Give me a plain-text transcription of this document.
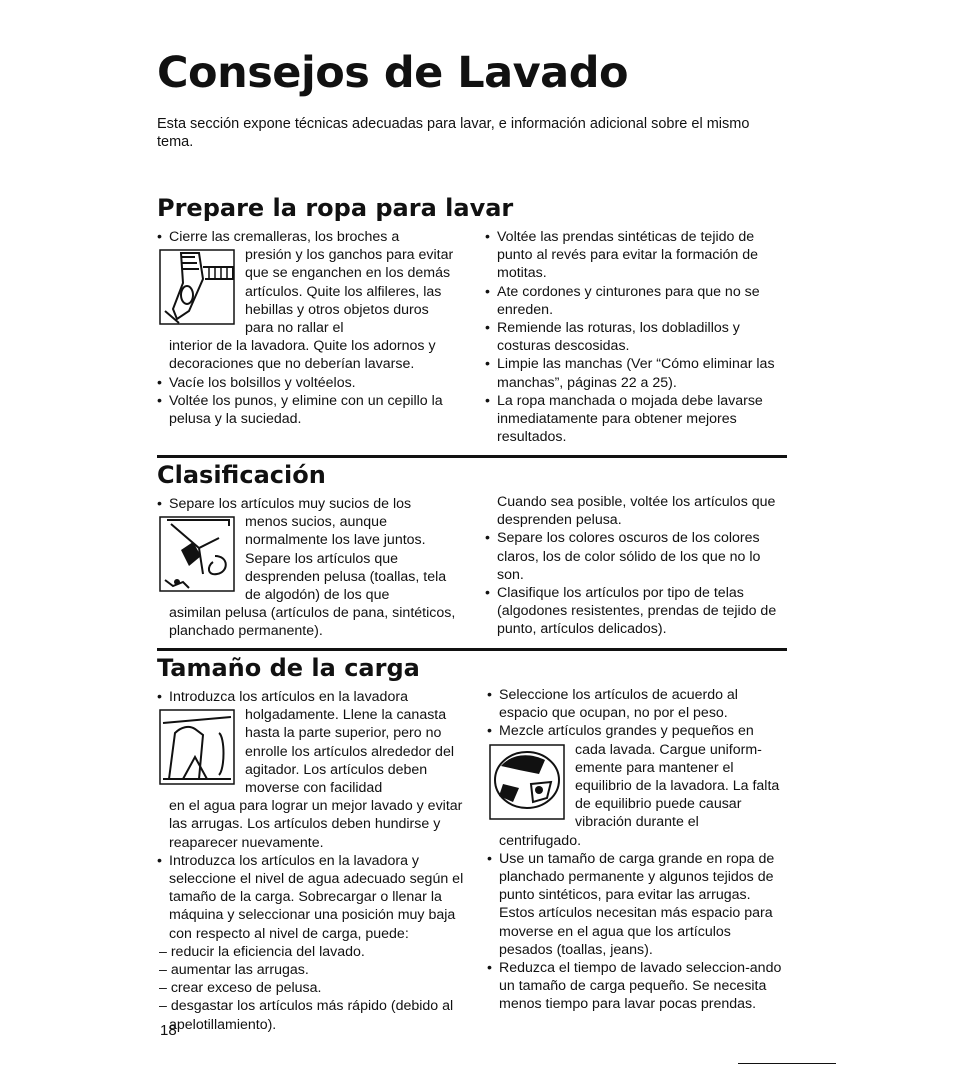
Consejos de Lavado
Esta sección expone técnicas adecuadas para lavar, e información adicional sobre el mismo tema.
Prepare la ropa para lavar

• Cierre las cremalleras, los broches a

presión y los ganchos para evitar que se enganchen en los demás artículos. Quite los alfileres, las hebillas y otros objetos duros para no rallar el

interior de la lavadora. Quite los adornos y decoraciones que no deberían lavarse.

• Vacíe los bolsillos y voltéelos.

• Voltée los punos, y elimine con un cepillo la pelusa y la suciedad.

• Voltée las prendas sintéticas de tejido de punto al revés para evitar la formación de motitas.

• Ate cordones y cinturones para que no se enreden.

• Remiende las roturas, los dobladillos y costuras descosidas.

• Limpie las manchas (Ver “Cómo eliminar las manchas”, páginas 22 a 25).

• La ropa manchada o mojada debe lavarse inmediatamente para obtener mejores resultados.

Clasificación

• Separe los artículos muy sucios de los

menos sucios, aunque normalmente los lave juntos. Separe los artículos que desprenden pelusa (toallas, tela de algodón) de los que

asimilan pelusa (artículos de pana, sintéticos, planchado permanente).

Cuando sea posible, voltée los artículos que desprenden pelusa.

• Separe los colores oscuros de los colores claros, los de color sólido de los que no lo son.

• Clasifique los artículos por tipo de telas (algodones resistentes, prendas de tejido de punto, artículos delicados).

Tamaño de la carga

• Introduzca los artículos en la lavadora

holgadamente. Llene la canasta hasta la parte superior, pero no enrolle los artículos alrededor del agitador. Los artículos deben moverse con facilidad

en el agua para lograr un mejor lavado y evitar las arrugas. Los artículos deben hundirse y reaparecer nuevamente.

• Introduzca los artículos en la lavadora y seleccione el nivel de agua adecuado según el tamaño de la carga. Sobrecargar o llenar la máquina y seleccionar una posición muy baja con respecto al nivel de carga, puede:

– reducir la eficiencia del lavado.

– aumentar las arrugas.

– crear exceso de pelusa.

– desgastar los artículos más rápido (debido al apelotillamiento).

• Seleccione los artículos de acuerdo al espacio que ocupan, no por el peso.

• Mezcle artículos grandes y pequeños en

cada lavada. Cargue uniform-emente para mantener el equilibrio de la lavadora. La falta de equilibrio puede causar vibración durante el

centrifugado.

• Use un tamaño de carga grande en ropa de planchado permanente y algunos tejidos de punto sintéticos, para evitar las arrugas. Estos artículos necesitan más espacio para moverse en el agua que los artículos pesados (toallas, jeans).

• Reduzca el tiempo de lavado seleccion-ando un tamaño de carga pequeño. Se necesita menos tiempo para lavar pocas prendas.

18
